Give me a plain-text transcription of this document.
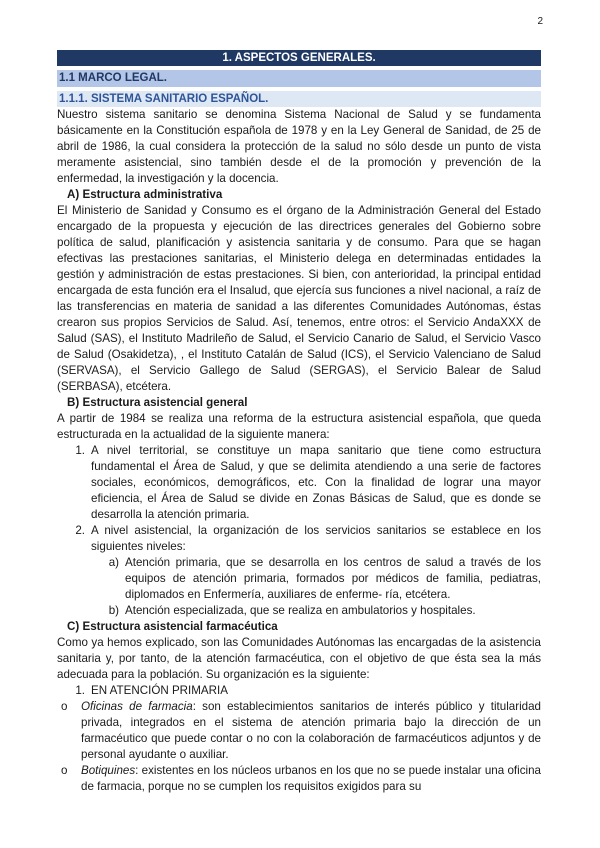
2
1. ASPECTOS GENERALES.
1.1 MARCO LEGAL.
1.1.1. SISTEMA SANITARIO ESPAÑOL.

Nuestro sistema sanitario se denomina Sistema Nacional de Salud y se fundamenta básicamente en la Constitución española de 1978 y en la Ley General de Sanidad, de 25 de abril de 1986, la cual considera la protección de la salud no sólo desde un punto de vista meramente asistencial, sino también desde el de la promoción y prevención de la enfermedad, la investigación y la docencia.

A) Estructura administrativa

El Ministerio de Sanidad y Consumo es el órgano de la Administración General del Estado encargado de la propuesta y ejecución de las directrices generales del Gobierno sobre política de salud, planificación y asistencia sanitaria y de consumo. Para que se hagan efectivas las prestaciones sanitarias, el Ministerio delega en determinadas entidades la gestión y administración de estas prestaciones. Si bien, con anterioridad, la principal entidad encargada de esta función era el Insalud, que ejercía sus funciones a nivel nacional, a raíz de las transferencias en materia de sanidad a las diferentes Comunidades Autónomas, éstas crearon sus propios Servicios de Salud. Así, tenemos, entre otros: el Servicio AndaXXX de Salud (SAS), el Instituto Madrileño de Salud, el Servicio Canario de Salud, el Servicio Vasco de Salud (Osakidetza), , el Instituto Catalán de Salud (ICS), el Servicio Valenciano de Salud (SERVASA), el Servicio Gallego de Salud (SERGAS), el Servicio Balear de Salud (SERBASA), etcétera.

B) Estructura asistencial general

A partir de 1984 se realiza una reforma de la estructura asistencial española, que queda estructurada en la actualidad de la siguiente manera:

1. A nivel territorial, se constituye un mapa sanitario que tiene como estructura fundamental el Área de Salud, y que se delimita atendiendo a una serie de factores sociales, económicos, demográficos, etc. Con la finalidad de lograr una mayor eficiencia, el Área de Salud se divide en Zonas Básicas de Salud, que es donde se desarrolla la atención primaria.
2. A nivel asistencial, la organización de los servicios sanitarios se establece en los siguientes niveles:
a) Atención primaria, que se desarrolla en los centros de salud a través de los equipos de atención primaria, formados por médicos de familia, pediatras, diplomados en Enfermería, auxiliares de enferme- ría, etcétera.
b) Atención especializada, que se realiza en ambulatorios y hospitales.
C) Estructura asistencial farmacéutica

Como ya hemos explicado, son las Comunidades Autónomas las encargadas de la asistencia sanitaria y, por tanto, de la atención farmacéutica, con el objetivo de que ésta sea la más adecuada para la población. Su organización es la siguiente:

1. EN ATENCIÓN PRIMARIA
o	Oficinas de farmacia: son establecimientos sanitarios de interés público y titularidad privada, integrados en el sistema de atención primaria bajo la dirección de un farmacéutico que puede contar o no con la colaboración de farmacéuticos adjuntos y de personal ayudante o auxiliar.
o	Botiquines: existentes en los núcleos urbanos en los que no se puede instalar una oficina de farmacia, porque no se cumplen los requisitos exigidos para su
